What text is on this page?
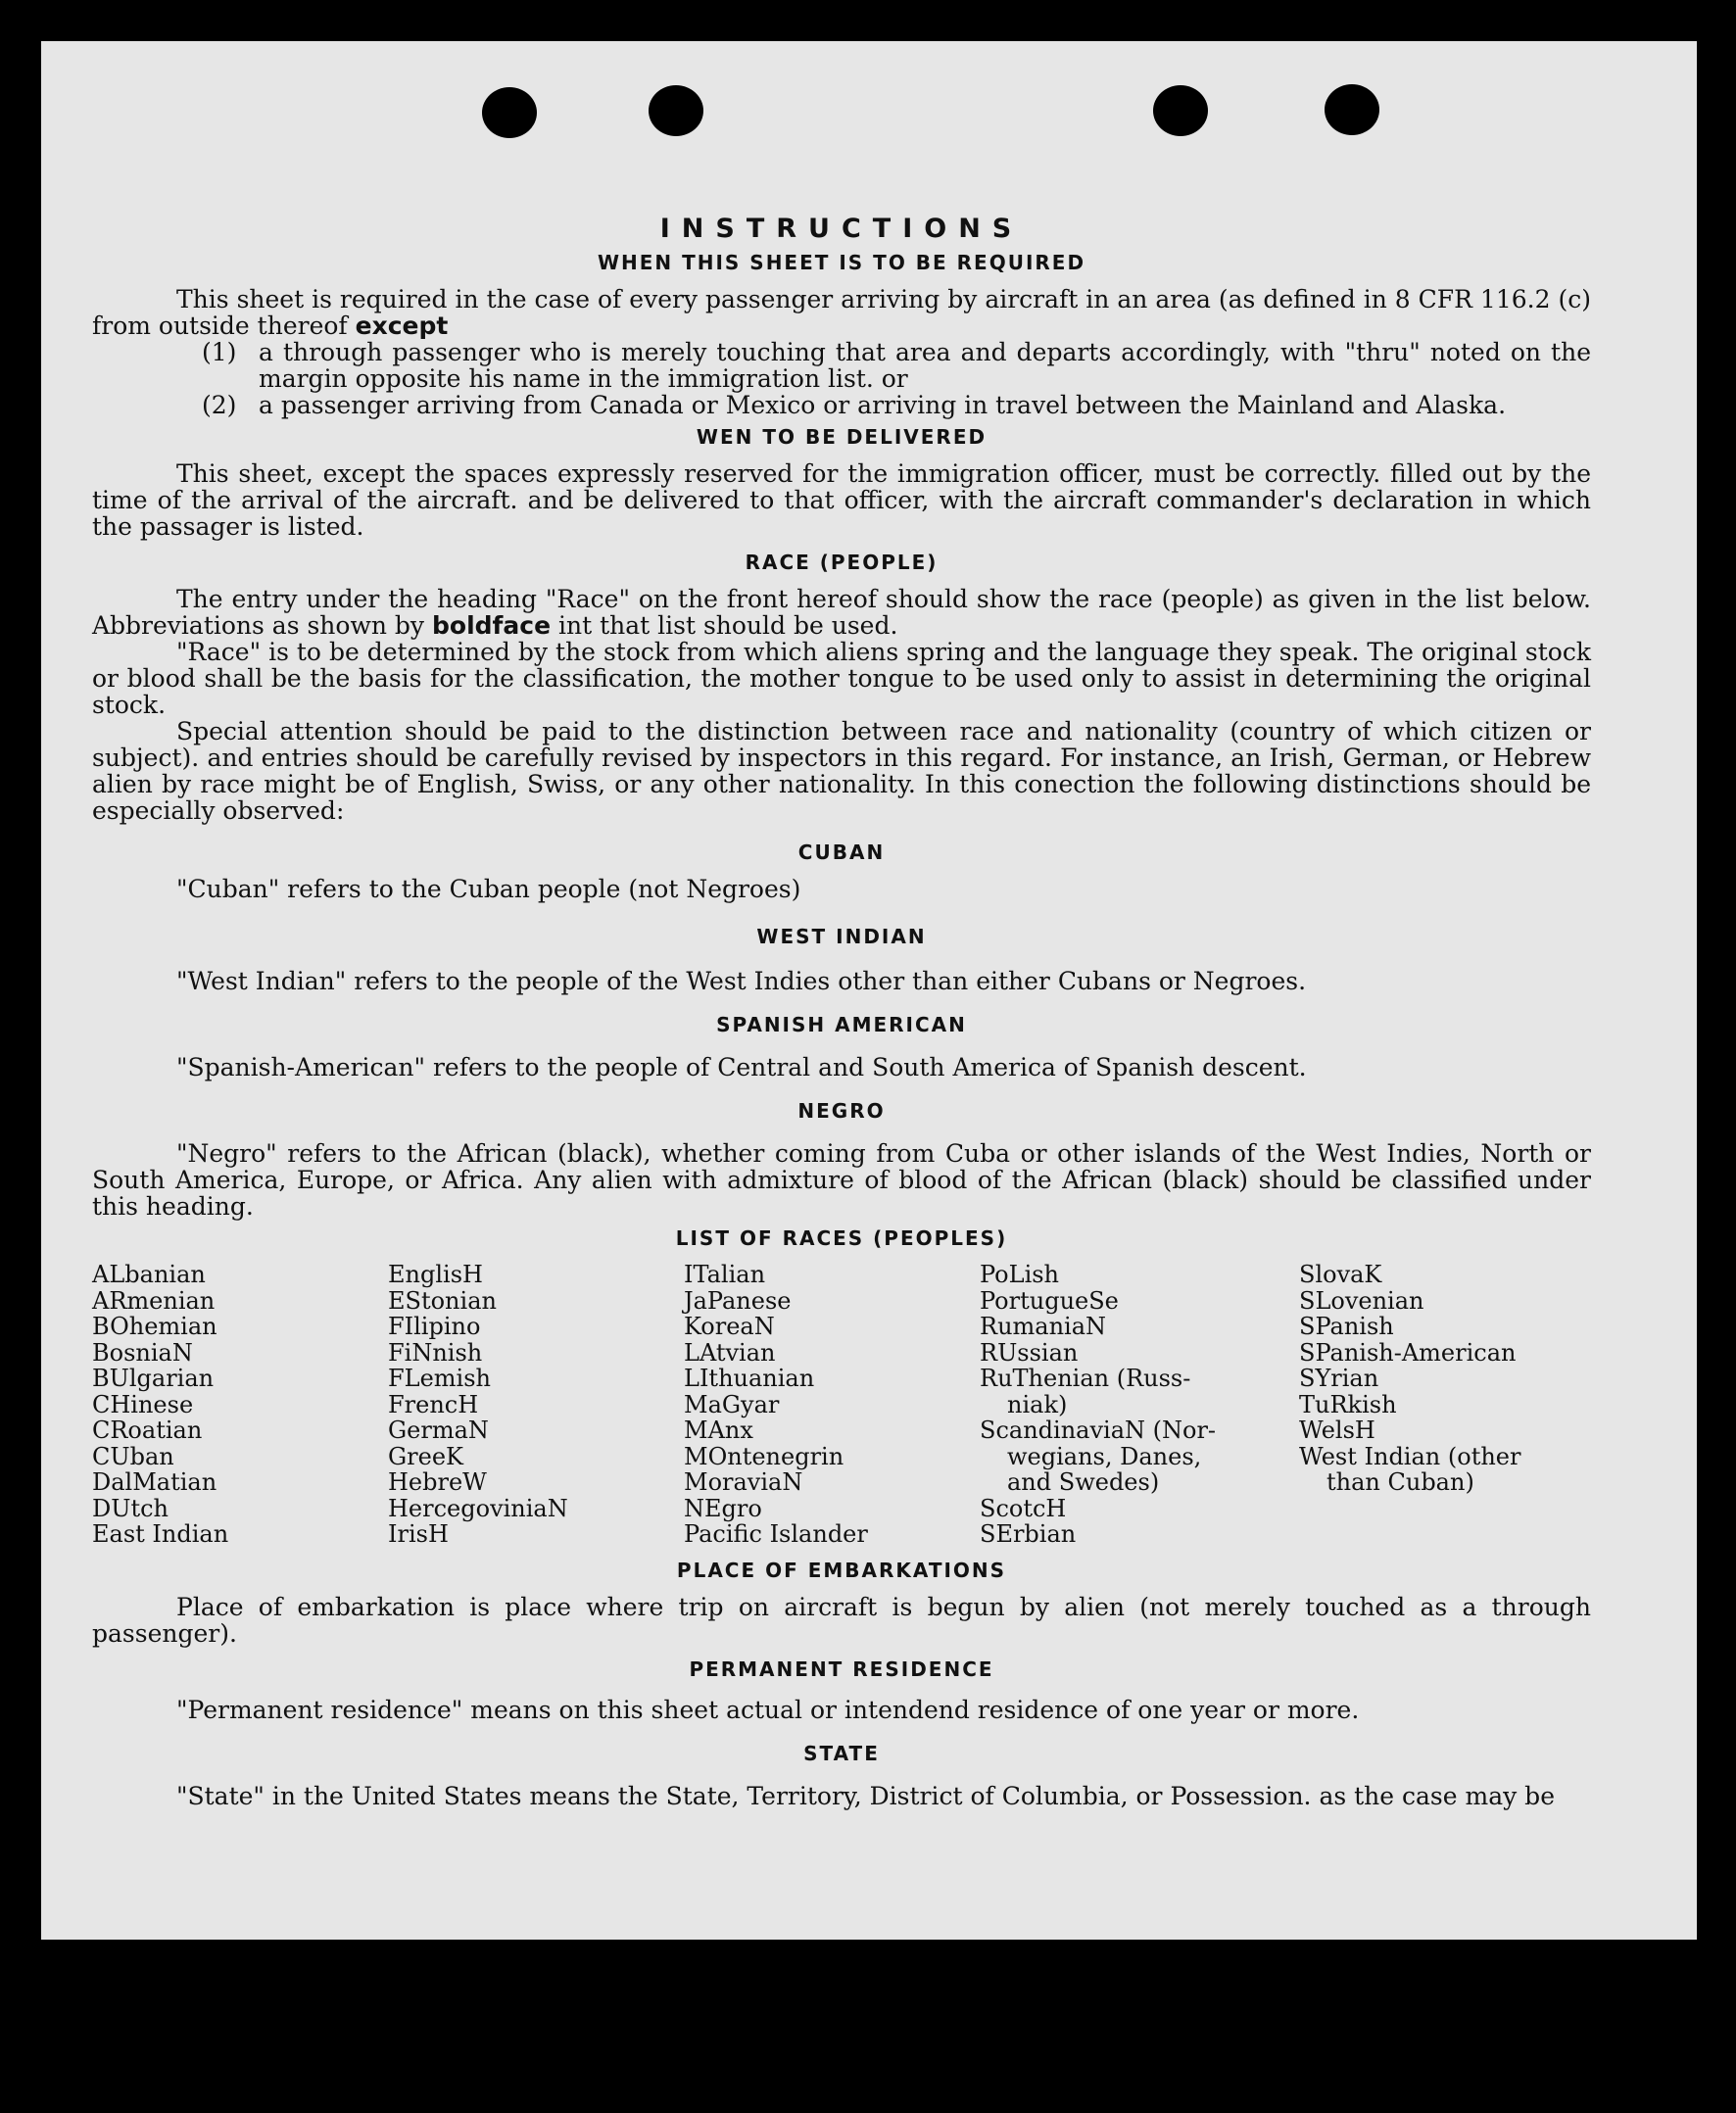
INSTRUCTIONS
WHEN THIS SHEET IS TO BE REQUIRED

This sheet is required in the case of every passenger arriving by aircraft in an area (as defined in 8 CFR 116.2 (c) from outside thereof except

(1) a through passenger who is merely touching that area and departs accordingly, with "thru" noted on the margin opposite his name in the immigration list. or
(2) a passenger arriving from Canada or Mexico or arriving in travel between the Mainland and Alaska.
WEN TO BE DELIVERED

This sheet, except the spaces expressly reserved for the immigration officer, must be correctly. filled out by the time of the arrival of the aircraft. and be delivered to that officer, with the aircraft commander's declaration in which the passager is listed.

RACE (PEOPLE)

The entry under the heading "Race" on the front hereof should show the race (people) as given in the list below. Abbreviations as shown by boldface int that list should be used.

"Race" is to be determined by the stock from which aliens spring and the language they speak. The original stock or blood shall be the basis for the classification, the mother tongue to be used only to assist in determining the original stock.

Special attention should be paid to the distinction between race and nationality (country of which citizen or subject). and entries should be carefully revised by inspectors in this regard. For instance, an Irish, German, or Hebrew alien by race might be of English, Swiss, or any other nationality. In this conection the following distinctions should be especially observed:

CUBAN

"Cuban" refers to the Cuban people (not Negroes)

WEST INDIAN

"West Indian" refers to the people of the West Indies other than either Cubans or Negroes.

SPANISH AMERICAN

"Spanish-American" refers to the people of Central and South America of Spanish descent.

NEGRO

"Negro" refers to the African (black), whether coming from Cuba or other islands of the West Indies, North or South America, Europe, or Africa. Any alien with admixture of blood of the African (black) should be classified under this heading.

LIST OF RACES (PEOPLES)
ALbanian
ARmenian
BOhemian
BosniaN
BUlgarian
CHinese
CRoatian
CUban
DalMatian
DUtch
East Indian
EnglisH
EStonian
FIlipino
FiNnish
FLemish
FrencH
GermaN
GreeK
HebreW
HercegoviniaN
IrisH
ITalian
JaPanese
KoreaN
LAtvian
LIthuanian
MaGyar
MAnx
MOntenegrin
MoraviaN
NEgro
Pacific Islander
PoLish
PortugueSe
RumaniaN
RUssian
RuThenian (Russ-
niak)
ScandinaviaN (Nor-
wegians, Danes,
and Swedes)
ScotcH
SErbian
SlovaK
SLovenian
SPanish
SPanish-American
SYrian
TuRkish
WelsH
West Indian (other
than Cuban)
PLACE OF EMBARKATIONS

Place of embarkation is place where trip on aircraft is begun by alien (not merely touched as a through passenger).

PERMANENT RESIDENCE

"Permanent residence" means on this sheet actual or intendend residence of one year or more.

STATE

"State" in the United States means the State, Territory, District of Columbia, or Possession. as the case may be
